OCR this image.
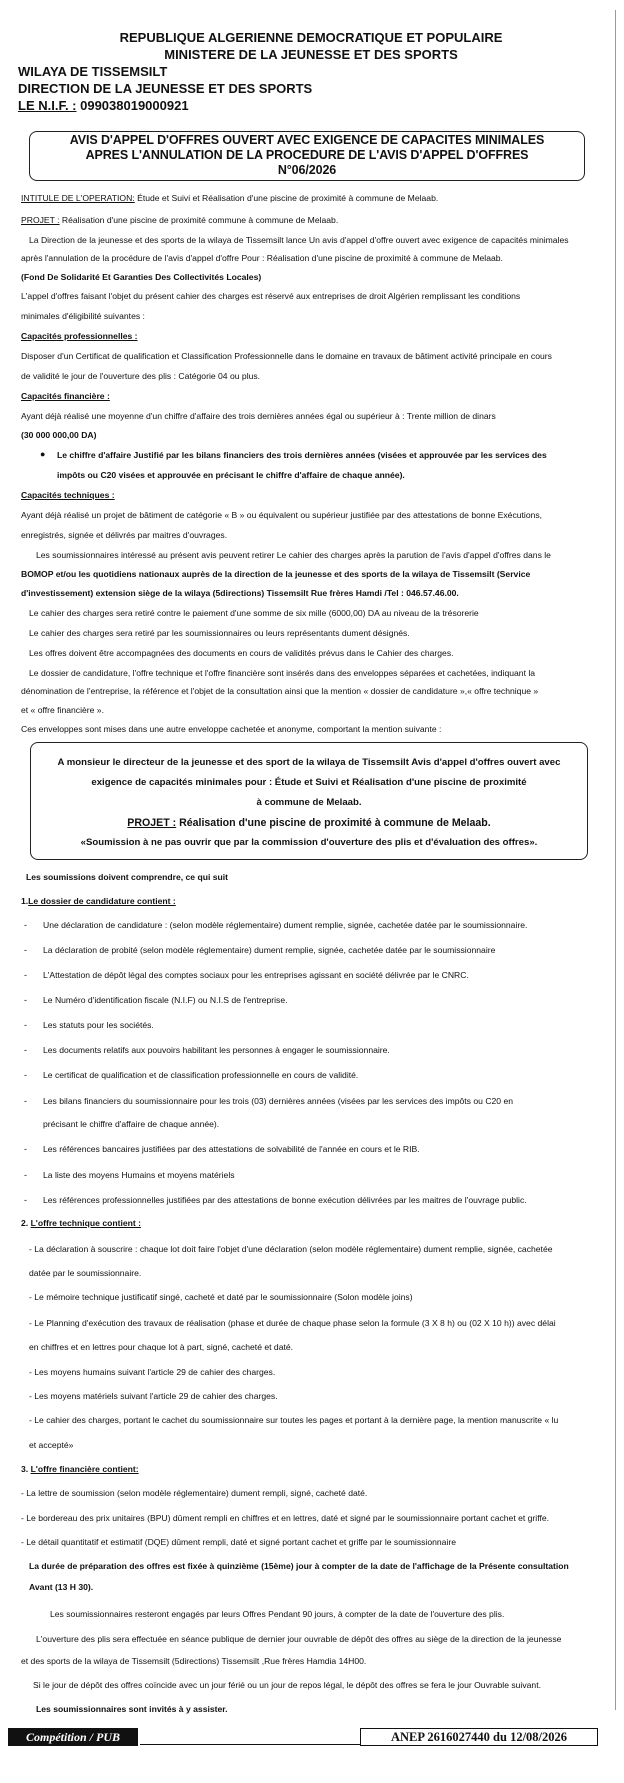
REPUBLIQUE ALGERIENNE DEMOCRATIQUE ET POPULAIRE
MINISTERE DE LA JEUNESSE ET DES SPORTS
WILAYA DE TISSEMSILT
DIRECTION DE LA JEUNESSE ET DES SPORTS
LE N.I.F. : 099038019000921
AVIS D'APPEL D'OFFRES OUVERT AVEC EXIGENCE DE CAPACITES MINIMALES
APRES L'ANNULATION DE LA PROCEDURE DE L'AVIS D'APPEL D'OFFRES
N°06/2026
INTITULE DE L'OPERATION: Étude et Suivi et Réalisation d'une piscine de proximité à commune de Melaab.
PROJET : Réalisation d'une piscine de proximité commune à commune de Melaab.
La Direction de la jeunesse et des sports de la wilaya de Tissemsilt lance Un avis d'appel d'offre ouvert avec exigence de capacités minimales
après l'annulation de la procédure de l'avis d'appel d'offre Pour : Réalisation d'une piscine de proximité à commune de Melaab.
(Fond De Solidarité Et Garanties Des Collectivités Locales)
L'appel d'offres faisant l'objet du présent cahier des charges est réservé aux entreprises de droit Algérien remplissant les conditions
minimales d'éligibilité suivantes :
Capacités professionnelles :
Disposer d'un Certificat de qualification et Classification Professionnelle dans le domaine en travaux de bâtiment activité principale en cours
de validité le jour de l'ouverture des plis : Catégorie 04 ou plus.
Capacités financière :
Ayant déjà réalisé une moyenne d'un chiffre d'affaire des trois dernières années égal ou supérieur à : Trente million de dinars
(30 000 000,00 DA)
● Le chiffre d'affaire Justifié par les bilans financiers des trois dernières années (visées et approuvée par les services des
impôts ou C20 visées et approuvée en précisant le chiffre d'affaire de chaque année).
Capacités techniques :
Ayant déjà réalisé un projet de bâtiment de catégorie « B » ou équivalent ou supérieur justifiée par des attestations de bonne Exécutions,
enregistrés, signée et délivrés par maitres d'ouvrages.
Les soumissionnaires intéressé au présent avis peuvent retirer Le cahier des charges après la parution de l'avis d'appel d'offres dans le
BOMOP et/ou les quotidiens nationaux auprès de la direction de la jeunesse et des sports de la wilaya de Tissemsilt (Service
d'investissement) extension siège de la wilaya (5directions) Tissemsilt Rue frères Hamdi /Tel : 046.57.46.00.
Le cahier des charges sera retiré contre le paiement d'une somme de six mille (6000,00) DA au niveau de la trésorerie
Le cahier des charges sera retiré par les soumissionnaires ou leurs représentants dument désignés.
Les offres doivent être accompagnées des documents en cours de validités prévus dans le Cahier des charges.
Le dossier de candidature, l'offre technique et l'offre financière sont insérés dans des enveloppes séparées et cachetées, indiquant la
dénomination de l'entreprise, la référence et l'objet de la consultation ainsi que la mention « dossier de candidature »,« offre technique »
et « offre financière ».
Ces enveloppes sont mises dans une autre enveloppe cachetée et anonyme, comportant la mention suivante :
A monsieur le directeur de la jeunesse et des sport de la wilaya de Tissemsilt Avis d'appel d'offres ouvert avec
exigence de capacités minimales pour : Étude et Suivi et Réalisation d'une piscine de proximité
à commune de Melaab.
PROJET : Réalisation d'une piscine de proximité à commune de Melaab.
«Soumission à ne pas ouvrir que par la commission d'ouverture des plis et d'évaluation des offres».
Les soumissions doivent comprendre, ce qui suit
1.Le dossier de candidature contient :
- Une déclaration de candidature : (selon modèle réglementaire) dument remplie, signée, cachetée datée par le soumissionnaire.
- La déclaration de probité (selon modèle réglementaire) dument remplie, signée, cachetée datée par le soumissionnaire
- L'Attestation de dépôt légal des comptes sociaux pour les entreprises agissant en société délivrée par le CNRC.
- Le Numéro d'identification fiscale (N.I.F) ou N.I.S de l'entreprise.
- Les statuts pour les sociétés.
- Les documents relatifs aux pouvoirs habilitant les personnes à engager le soumissionnaire.
- Le certificat de qualification et de classification professionnelle en cours de validité.
- Les bilans financiers du soumissionnaire pour les trois (03) dernières années (visées par les services des impôts ou C20 en
précisant le chiffre d'affaire de chaque année).
- Les références bancaires justifiées par des attestations de solvabilité de l'année en cours et le RIB.
- La liste des moyens Humains et moyens matériels
- Les références professionnelles justifiées par des attestations de bonne exécution délivrées par les maitres de l'ouvrage public.
2. L'offre technique contient :
- La déclaration à souscrire : chaque lot doit faire l'objet d'une déclaration (selon modèle réglementaire) dument remplie, signée, cachetée
datée par le soumissionnaire.
- Le mémoire technique justificatif singé, cacheté et daté par le soumissionnaire (Solon modèle joins)
- Le Planning d'exécution des travaux de réalisation (phase et durée de chaque phase selon la formule (3 X 8 h) ou (02 X 10 h)) avec délai
en chiffres et en lettres pour chaque lot à part, signé, cacheté et daté.
- Les moyens humains suivant l'article 29 de cahier des charges.
- Les moyens matériels suivant l'article 29 de cahier des charges.
- Le cahier des charges, portant le cachet du soumissionnaire sur toutes les pages et portant à la dernière page, la mention manuscrite « lu
et accepté»
3. L'offre financière contient:
- La lettre de soumission (selon modèle réglementaire) dument rempli, signé, cacheté daté.
- Le bordereau des prix unitaires (BPU) dûment rempli en chiffres et en lettres, daté et signé par le soumissionnaire portant cachet et griffe.
- Le détail quantitatif et estimatif (DQE) dûment rempli, daté et signé portant cachet et griffe par le soumissionnaire
La durée de préparation des offres est fixée à quinzième (15ème) jour à compter de la date de l'affichage de la Présente consultation
Avant (13 H 30).
Les soumissionnaires resteront engagés par leurs Offres Pendant 90 jours, à compter de la date de l'ouverture des plis.
L'ouverture des plis sera effectuée en séance publique de dernier jour ouvrable de dépôt des offres au siège de la direction de la jeunesse
et des sports de la wilaya de Tissemsilt (5directions) Tissemsilt ,Rue frères Hamdia 14H00.
Si le jour de dépôt des offres coïncide avec un jour férié ou un jour de repos légal, le dépôt des offres se fera le jour Ouvrable suivant.
Les soumissionnaires sont invités à y assister.
Compétition / PUB	ANEP 2616027440 du 12/08/2026
